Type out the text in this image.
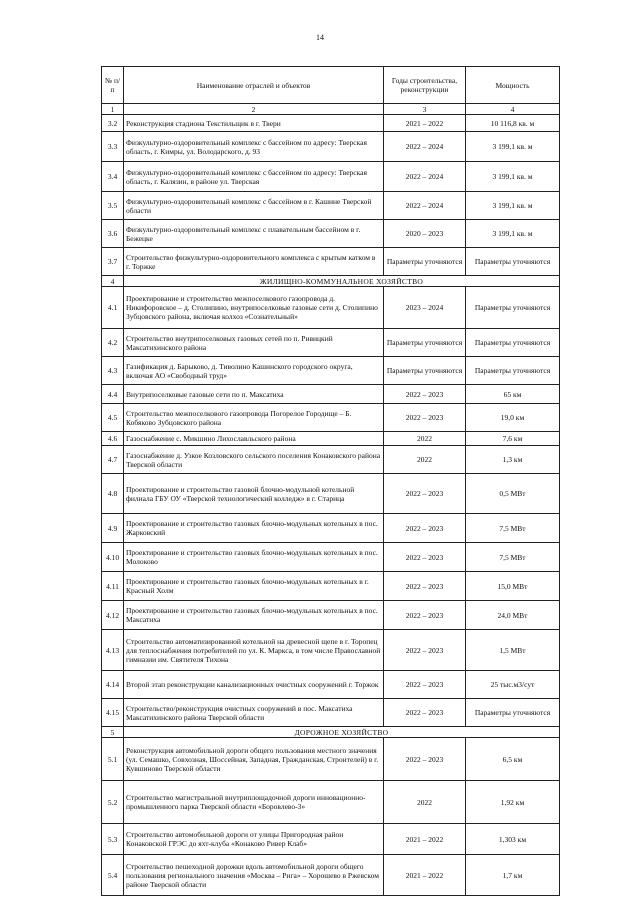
14
№ п/п	Наименование отраслей и объектов	Годы строительства, реконструкции	Мощность
1	2	3	4
3.2	Реконструкция стадиона Текстильщик в г. Твери	2021 – 2022	10 116,8 кв. м
3.3	Физкультурно-оздоровительный комплекс с бассейном по адресу: Тверская область, г. Кимры, ул. Володарского, д. 93	2022 – 2024	3 199,1 кв. м
3.4	Физкультурно-оздоровительный комплекс с бассейном по адресу: Тверская область, г. Калязин, в районе ул. Тверская	2022 – 2024	3 199,1 кв. м
3.5	Физкультурно-оздоровительный комплекс с бассейном в г. Кашине Тверской области	2022 – 2024	3 199,1 кв. м
3.6	Физкультурно-оздоровительный комплекс с плавательным бассейном в г. Бежецке	2020 – 2023	3 199,1 кв. м
3.7	Строительство физкультурно-оздоровительного комплекса с крытым катком в г. Торжке	Параметры уточняются	Параметры уточняются
4	ЖИЛИЩНО-КОММУНАЛЬНОЕ ХОЗЯЙСТВО		
4.1	Проектирование и строительство межпоселкового газопровода д. Никифоровское – д. Столипино, внутрипоселковые газовые сети д. Столипино Зубцовского района, включая колхоз «Сознательный»	2023 – 2024	Параметры уточняются
4.2	Строительство внутрипоселковых газовых сетей по п. Ривицкий Максатихинского района	Параметры уточняются	Параметры уточняются
4.3	Газификация д. Барыково, д. Тиволино Кашинского городского округа, включая АО «Свободный труд»	Параметры уточняются	Параметры уточняются
4.4	Внутрипоселковые газовые сети по п. Максатиха	2022 – 2023	65 км
4.5	Строительство межпоселкового газопровода Погорелое Городище – Б. Кобяково Зубцовского района	2022 – 2023	19,0 км
4.6	Газоснабжение с. Микшино Лихославльского района	2022	7,6 км
4.7	Газоснабжение д. Узкое Козловского сельского поселения Конаковского района Тверской области	2022	1,3 км
4.8	Проектирование и строительство газовой блочно-модульной котельной филиала ГБУ ОУ «Тверской технологический колледж» в г. Старица	2022 – 2023	0,5 МВт
4.9	Проектирование и строительство газовых блочно-модульных котельных в пос. Жарковский	2022 – 2023	7,5 МВт
4.10	Проектирование и строительство газовых блочно-модульных котельных в пос. Молоково	2022 – 2023	7,5 МВт
4.11	Проектирование и строительство газовых блочно-модульных котельных в г. Красный Холм	2022 – 2023	15,0 МВт
4.12	Проектирование и строительство газовых блочно-модульных котельных в пос. Максатиха	2022 – 2023	24,0 МВт
4.13	Строительство автоматизированной котельной на древесной щепе в г. Торопец для теплоснабжения потребителей по ул. К. Маркса, в том числе Православной гимназии им. Святителя Тихона	2022 – 2023	1,5 МВт
4.14	Второй этап реконструкции канализационных очистных сооружений г. Торжок	2022 – 2023	25 тыс.м3/сут
4.15	Строительство/реконструкция очистных сооружений в пос. Максатиха Максатихинского района Тверской области	2022 – 2023	Параметры уточняются
5	ДОРОЖНОЕ ХОЗЯЙСТВО		
5.1	Реконструкция автомобильной дороги общего пользования местного значения (ул. Семашко, Совхозная, Шоссейная, Западная, Гражданская, Строителей) в г. Кувшиново Тверской области	2022 – 2023	6,5 км
5.2	Строительство магистральной внутриплощадочной дороги инновационно-промышленного парка Тверской области «Боровлево-3»	2022	1,92 км
5.3	Строительство автомобильной дороги от улицы Пригородная район Конаковской ГРЭС до яхт-клуба «Конаково Ривер Клаб»	2021 – 2022	1,303 км
5.4	Строительство пешеходной дорожки вдоль автомобильной дороги общего пользования регионального значения «Москва – Рига» – Хорошево в Ржевском районе Тверской области	2021 – 2022	1,7 км
